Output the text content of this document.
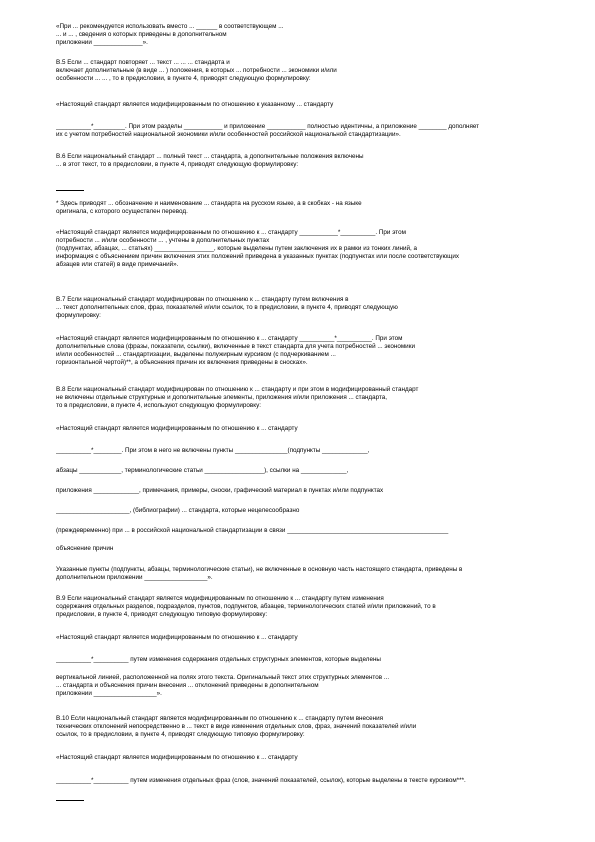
«При ... рекомендуется использовать вместо ... ______ в соответствующем ...
... и ... , сведения о которых приведены в дополнительном
приложении ______________».
В.5 Если ... стандарт повторяет ... текст ... ... ... стандарта и
включает дополнительные (в виде ... ) положения, в которых ... потребности ... экономики и/или
особенности ... ... , то в предисловии, в пункте 4, приводят следующую формулировку:
«Настоящий стандарт является модифицированным по отношению к указанному ... стандарту
__________*_________. При этом разделы ___________ и приложение ___________ полностью идентичны, а приложение ________ дополняет
их с учетом потребностей национальной экономики и/или особенностей российской национальной стандартизации».
В.6 Если национальный стандарт ... полный текст ... стандарта, а дополнительные положения включены
... в этот текст, то в предисловии, в пункте 4, приводят следующую формулировку:
* Здесь приводят ... обозначение и наименование ... стандарта на русском языке, а в скобках - на языке
оригинала, с которого осуществлен перевод.
«Настоящий стандарт является модифицированным по отношению к ... стандарту ___________*__________. При этом
потребности ... и/или особенности ... , учтены в дополнительных пунктах
(подпунктах, абзацах, ... статьях) _________________, которые выделены путем заключения их в рамки из тонких линий, а
информация с объяснением причин включения этих положений приведена в указанных пунктах (подпунктах или после соответствующих
абзацев или статей) в виде примечаний».
В.7 Если национальный стандарт модифицирован по отношению к ... стандарту путем включения в
... текст дополнительных слов, фраз, показателей и/или ссылок, то в предисловии, в пункте 4, приводят следующую
формулировку:
«Настоящий стандарт является модифицированным по отношению к ... стандарту __________*__________. При этом
дополнительные слова (фразы, показатели, ссылки), включенные в текст стандарта для учета потребностей ... экономики
и/или особенностей ... стандартизации, выделены полужирным курсивом (с подчеркиванием ...
горизонтальной чертой)**, а объяснения причин их включения приведены в сносках».
В.8 Если национальный стандарт модифицирован по отношению к ... стандарту и при этом в модифицированный стандарт
не включены отдельные структурные и дополнительные элементы, приложения и/или приложения ... стандарта,
то в предисловии, в пункте 4, используют следующую формулировку:
«Настоящий стандарт является модифицированным по отношению к ... стандарту
__________*________. При этом в него не включены пункты _______________(подпункты _____________,
абзацы ____________, терминологические статьи _________________), ссылки на _____________,
приложения _____________, примечания, примеры, сноски, графический материал в пунктах и/или подпунктах
_____________________, (библиографии) ... стандарта, которые нецелесообразно
(преждевременно) при ... в российской национальной стандартизации в связи ______________________________________________
объяснение причин
Указанные пункты (подпункты, абзацы, терминологические статьи), не включенные в основную часть настоящего стандарта, приведены в
дополнительном приложении __________________».
В.9 Если национальный стандарт является модифицированным по отношению к ... стандарту путем изменения
содержания отдельных разделов, подразделов, пунктов, подпунктов, абзацев, терминологических статей и/или приложений, то в
предисловии, в пункте 4, приводят следующую типовую формулировку:
«Настоящий стандарт является модифицированным по отношению к ... стандарту
__________*__________ путем изменения содержания отдельных структурных элементов, которые выделены
вертикальной линией, расположенной на полях этого текста. Оригинальный текст этих структурных элементов ...
... стандарта и объяснения причин внесения ... отклонений приведены в дополнительном
приложении __________________».
В.10 Если национальный стандарт является модифицированным по отношению к ... стандарту путем внесения
технических отклонений непосредственно в ... текст в виде изменения отдельных слов, фраз, значений показателей и/или
ссылок, то в предисловии, в пункте 4, приводят следующую типовую формулировку:
«Настоящий стандарт является модифицированным по отношению к ... стандарту
__________*__________ путем изменения отдельных фраз (слов, значений показателей, ссылок), которые выделены в тексте курсивом***.
